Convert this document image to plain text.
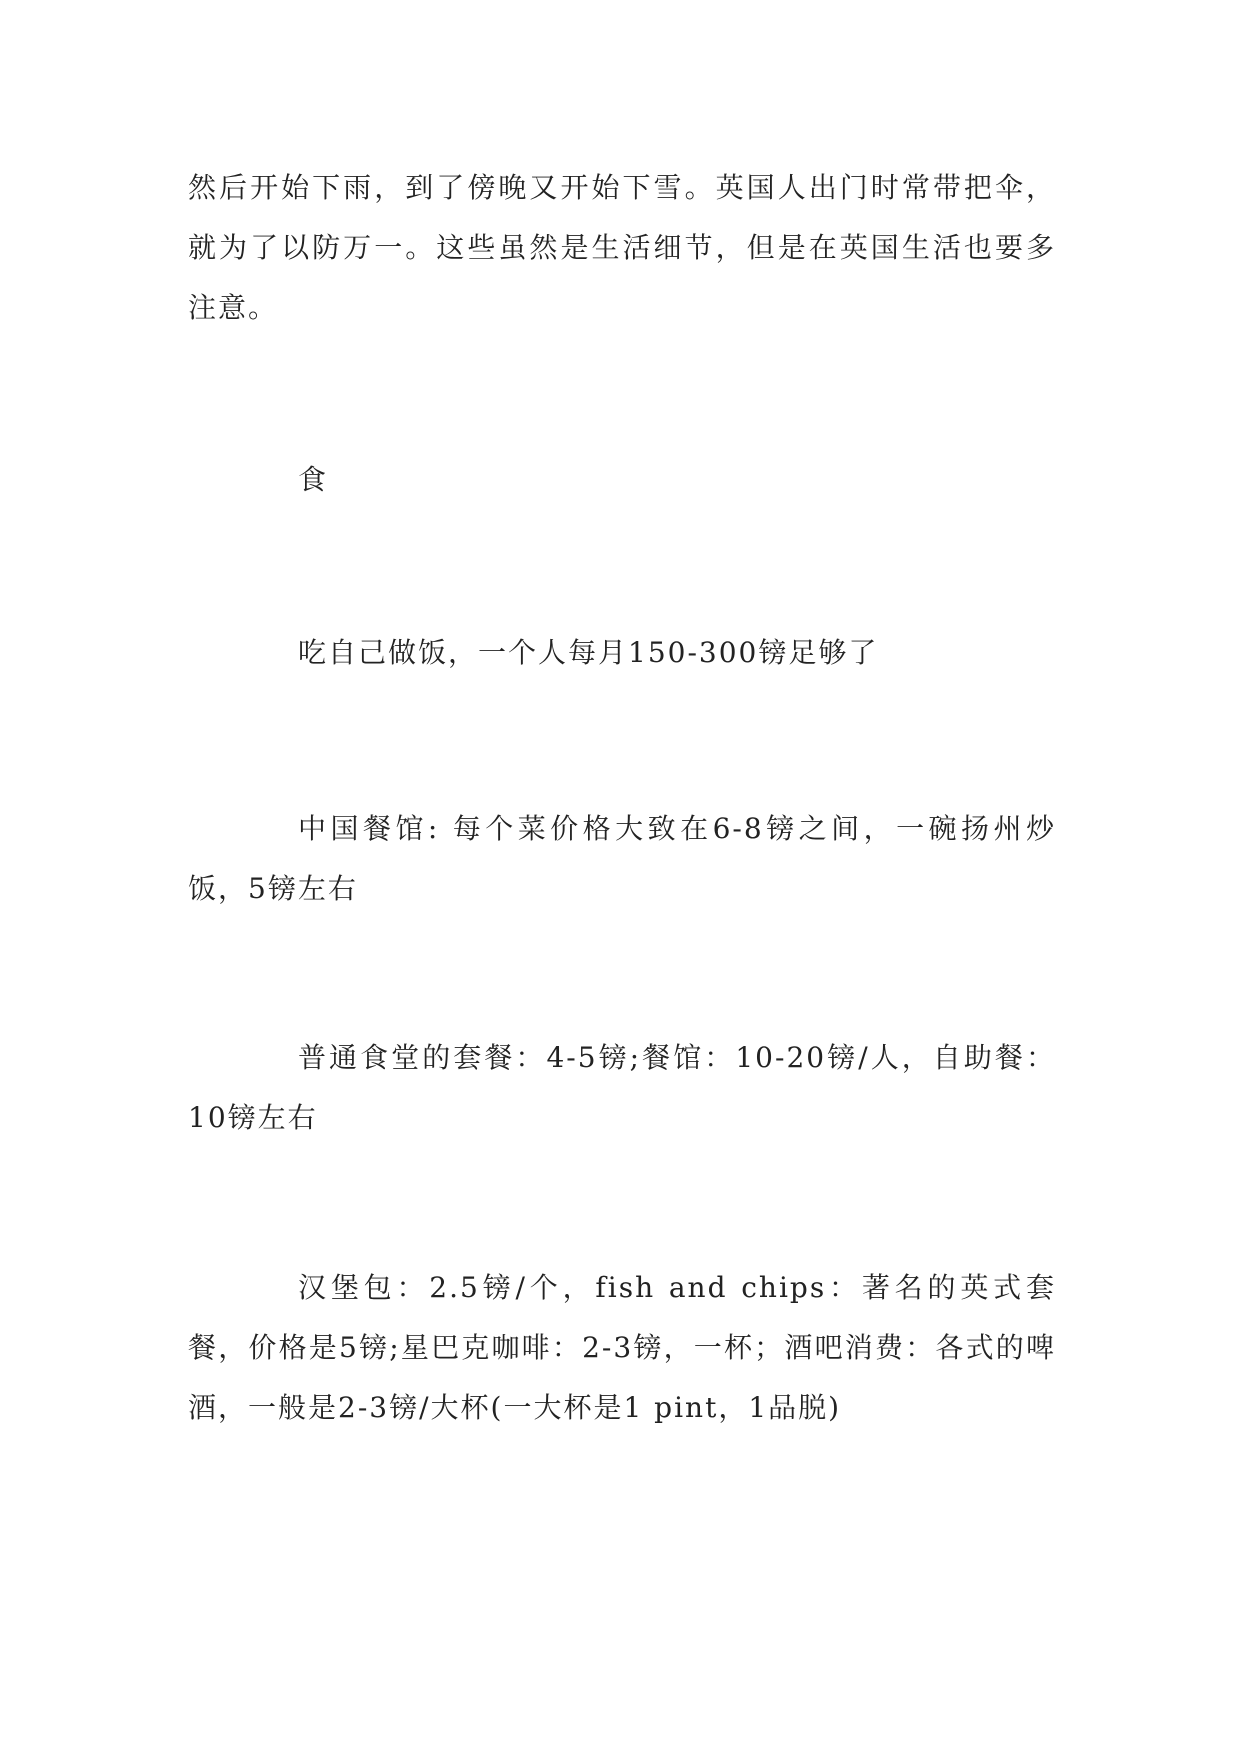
然后开始下雨，到了傍晚又开始下雪。英国人出门时常带把伞，就为了以防万一。这些虽然是生活细节，但是在英国生活也要多注意。

食

吃自己做饭，一个人每月150-300镑足够了

中国餐馆: 每个菜价格大致在6-8镑之间，一碗扬州炒饭，5镑左右

普通食堂的套餐：4-5镑;餐馆：10-20镑/人，自助餐：10镑左右

汉堡包：2.5镑/个，fish and chips：著名的英式套餐，价格是5镑;星巴克咖啡：2-3镑，一杯；酒吧消费：各式的啤酒，一般是2-3镑/大杯(一大杯是1 pint，1品脱)
